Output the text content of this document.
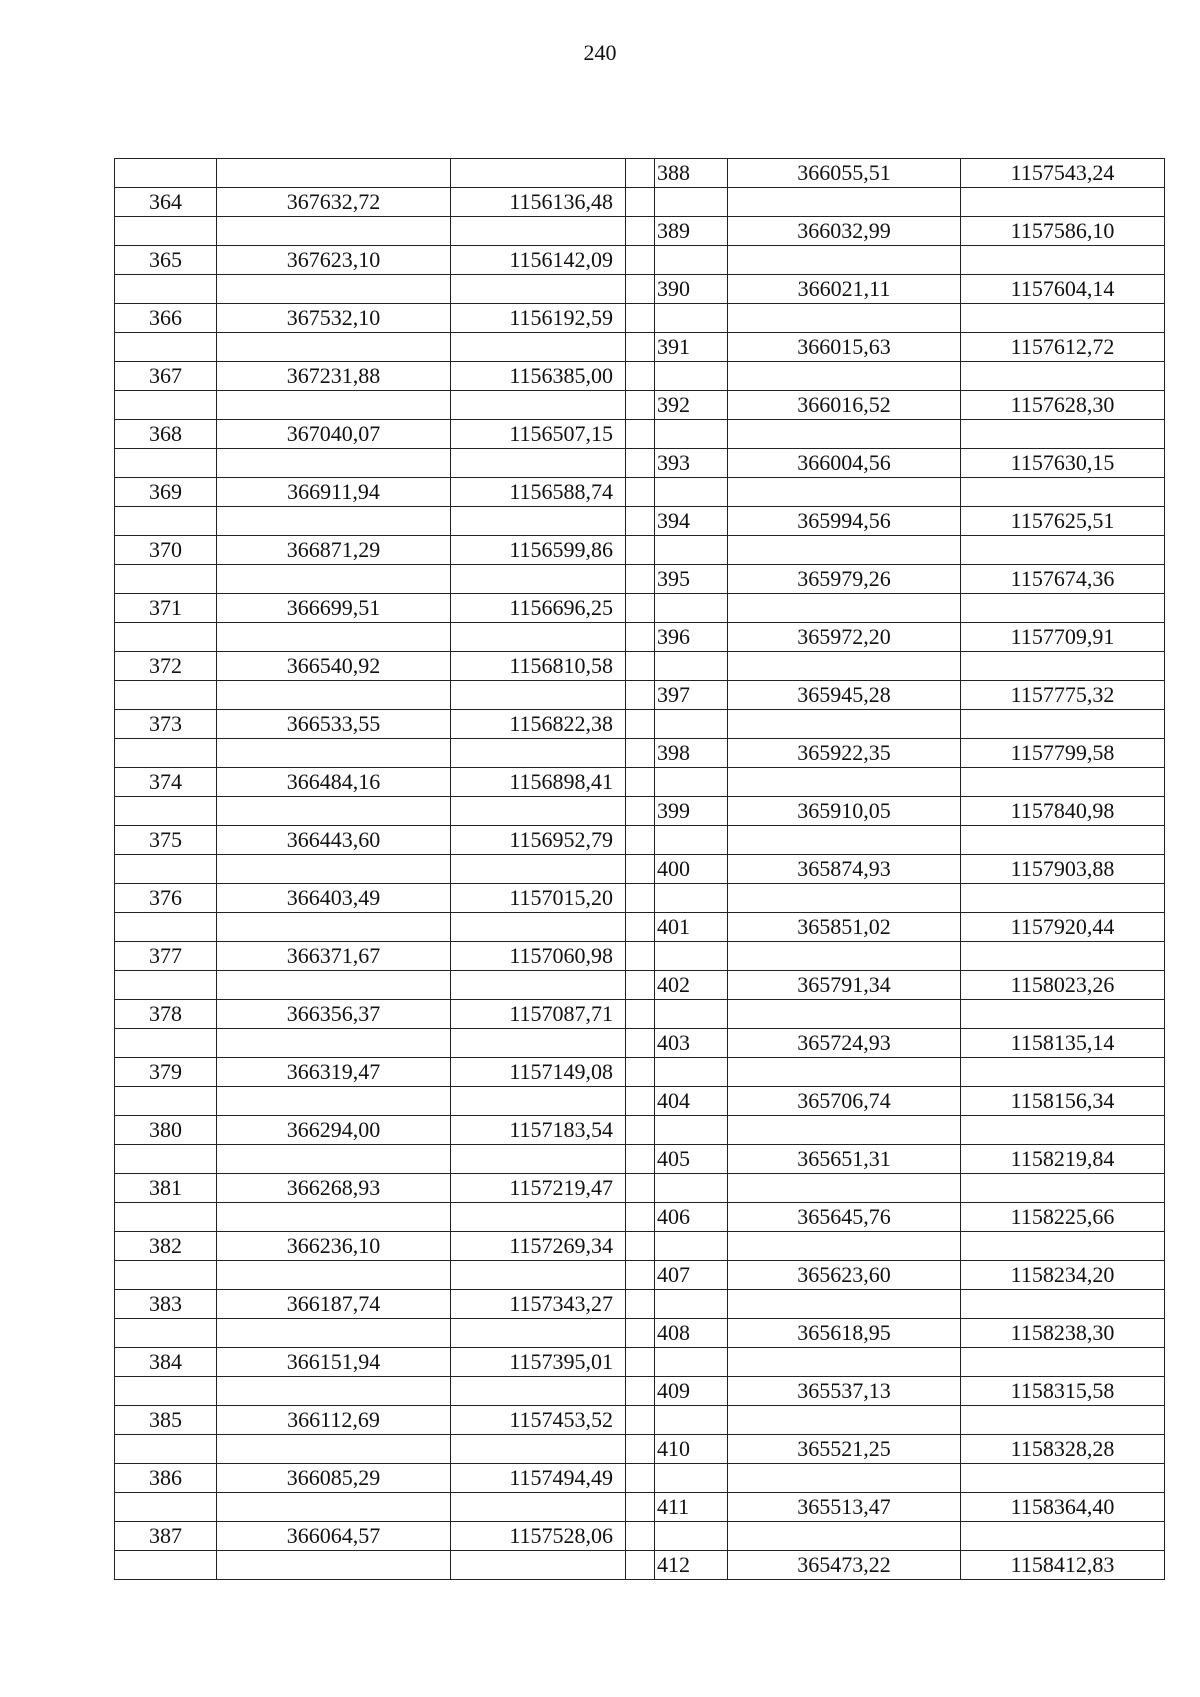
240
				388	366055,51	1157543,24
364	367632,72	1156136,48				
				389	366032,99	1157586,10
365	367623,10	1156142,09				
				390	366021,11	1157604,14
366	367532,10	1156192,59				
				391	366015,63	1157612,72
367	367231,88	1156385,00				
				392	366016,52	1157628,30
368	367040,07	1156507,15				
				393	366004,56	1157630,15
369	366911,94	1156588,74				
				394	365994,56	1157625,51
370	366871,29	1156599,86				
				395	365979,26	1157674,36
371	366699,51	1156696,25				
				396	365972,20	1157709,91
372	366540,92	1156810,58				
				397	365945,28	1157775,32
373	366533,55	1156822,38				
				398	365922,35	1157799,58
374	366484,16	1156898,41				
				399	365910,05	1157840,98
375	366443,60	1156952,79				
				400	365874,93	1157903,88
376	366403,49	1157015,20				
				401	365851,02	1157920,44
377	366371,67	1157060,98				
				402	365791,34	1158023,26
378	366356,37	1157087,71				
				403	365724,93	1158135,14
379	366319,47	1157149,08				
				404	365706,74	1158156,34
380	366294,00	1157183,54				
				405	365651,31	1158219,84
381	366268,93	1157219,47				
				406	365645,76	1158225,66
382	366236,10	1157269,34				
				407	365623,60	1158234,20
383	366187,74	1157343,27				
				408	365618,95	1158238,30
384	366151,94	1157395,01				
				409	365537,13	1158315,58
385	366112,69	1157453,52				
				410	365521,25	1158328,28
386	366085,29	1157494,49				
				411	365513,47	1158364,40
387	366064,57	1157528,06				
				412	365473,22	1158412,83
